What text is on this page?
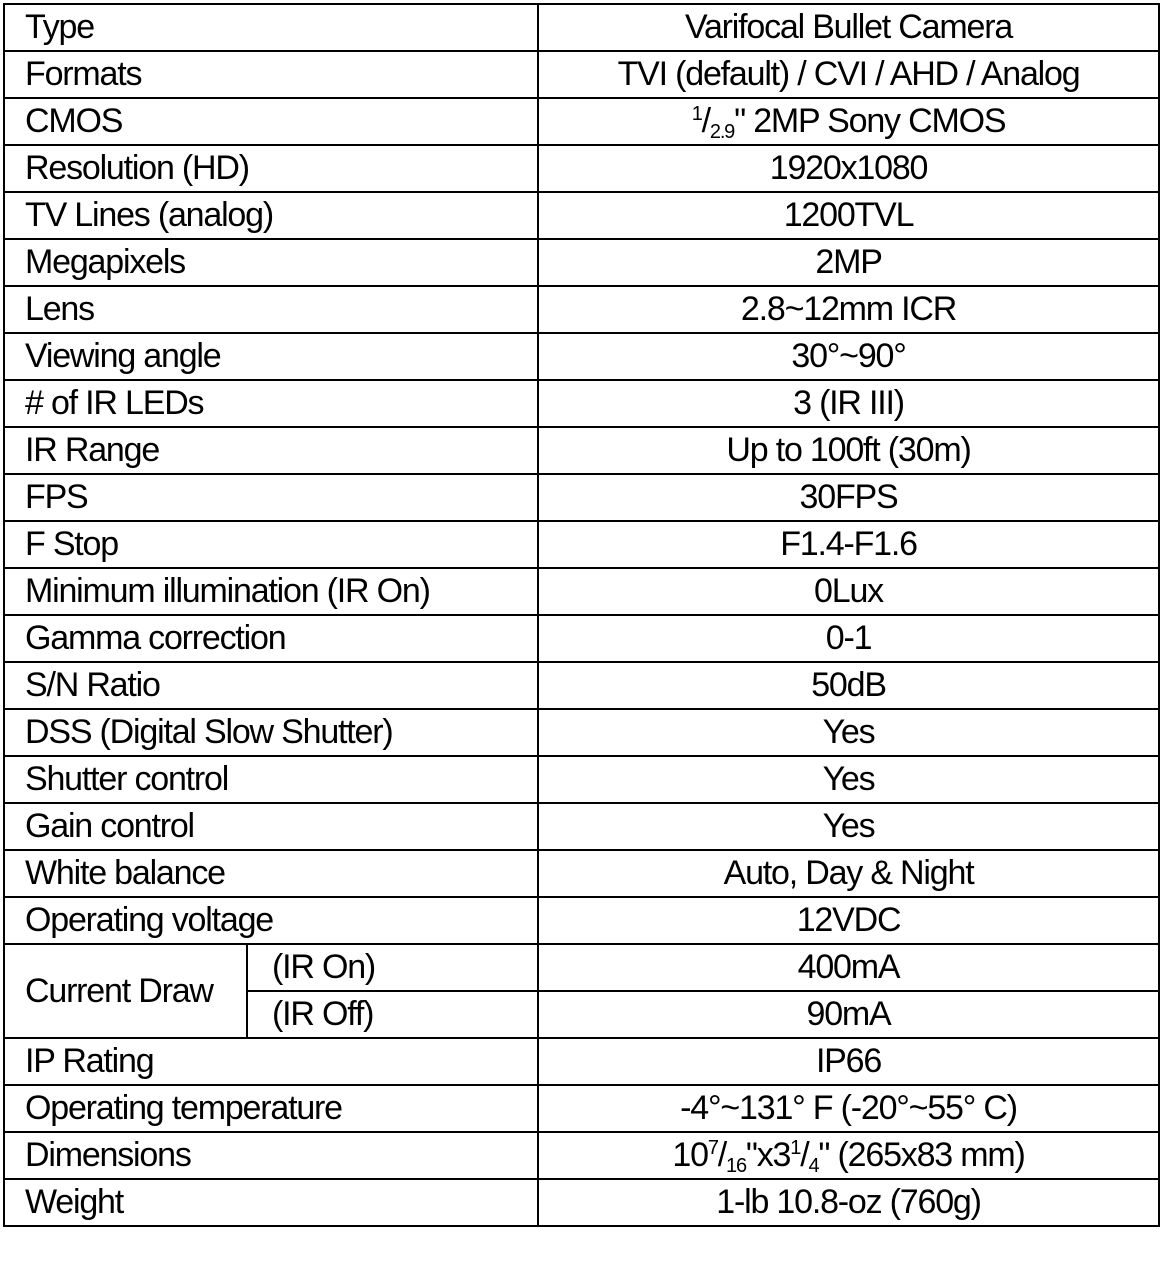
Type		Varifocal Bullet Camera
Formats		TVI (default) / CVI / AHD / Analog
CMOS		$^1/_{2.9}$" 2MP Sony CMOS
Resolution (HD)		1920x1080
TV Lines (analog)		1200TVL
Megapixels		2MP
Lens		2.8~12mm ICR
Viewing angle		30°~90°
# of IR LEDs		3 (IR III)
IR Range		Up to 100ft (30m)
FPS		30FPS
F Stop		F1.4-F1.6
Minimum illumination (IR On)		0Lux
Gamma correction		0-1
S/N Ratio		50dB
DSS (Digital Slow Shutter)		Yes
Shutter control		Yes
Gain control		Yes
White balance		Auto, Day & Night
Operating voltage		12VDC
Current Draw	(IR On)	400mA
	(IR Off)	90mA
IP Rating		IP66
Operating temperature		-4°~131° F (-20°~55° C)
Dimensions		$10^7/_{16}"x3^1/_4$" (265x83 mm)
Weight		1-lb 10.8-oz (760g)
